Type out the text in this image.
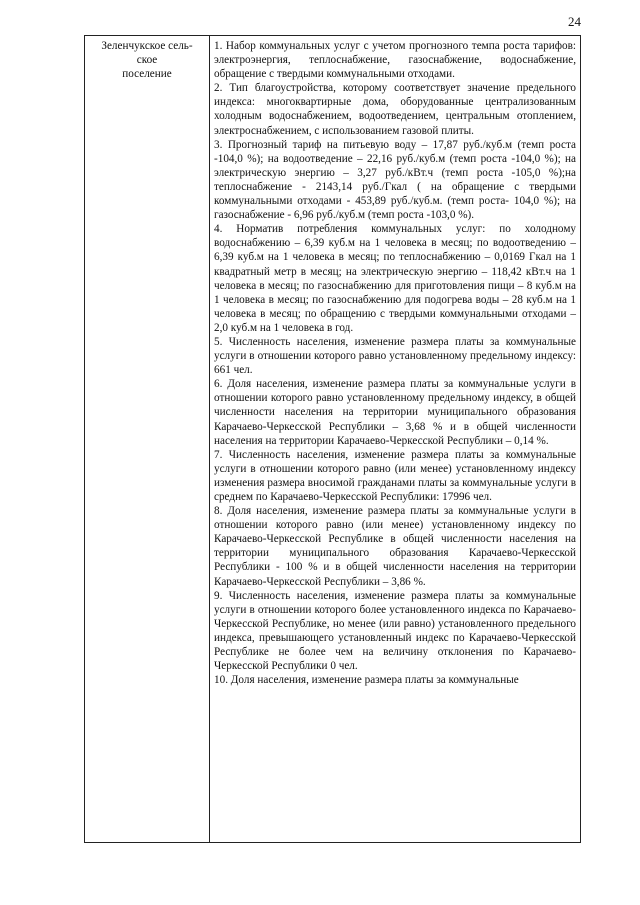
24
Зеленчукское сель-
ское
поселение

1. Набор коммунальных услуг с учетом прогнозного темпа роста тарифов: электроэнергия, теплоснабжение, газоснабжение, водоснабжение, обращение с твердыми коммунальными отходами.

2. Тип благоустройства, которому соответствует значение предельного индекса: многоквартирные дома, оборудованные централизованным холодным водоснабжением, водоотведением, центральным отоплением, электроснабжением, с использованием газовой плиты.

3. Прогнозный тариф на питьевую воду – 17,87 руб./куб.м (темп роста -104,0 %); на водоотведение – 22,16 руб./куб.м (темп роста -104,0 %); на электрическую энергию – 3,27 руб./кВт.ч (темп роста -105,0 %);на теплоснабжение - 2143,14 руб./Гкал ( на обращение с твердыми коммунальными отходами - 453,89 руб./куб.м. (темп роста- 104,0 %); на газоснабжение - 6,96 руб./куб.м (темп роста -103,0 %).

4. Норматив потребления коммунальных услуг: по холодному водоснабжению – 6,39 куб.м на 1 человека в месяц; по водоотведению – 6,39 куб.м на 1 человека в месяц; по теплоснабжению – 0,0169 Гкал на 1 квадратный метр в месяц; на электрическую энергию – 118,42 кВт.ч на 1 человека в месяц; по газоснабжению для приготовления пищи – 8 куб.м на 1 человека в месяц; по газоснабжению для подогрева воды – 28 куб.м на 1 человека в месяц; по обращению с твердыми коммунальными отходами – 2,0 куб.м на 1 человека в год.

5. Численность населения, изменение размера платы за коммунальные услуги в отношении которого равно установленному предельному индексу: 661 чел.

6. Доля населения, изменение размера платы за коммунальные услуги в отношении которого равно установленному предельному индексу, в общей численности населения на территории муниципального образования Карачаево-Черкесской Республики – 3,68 % и в общей численности населения на территории Карачаево-Черкесской Республики – 0,14 %.

7. Численность населения, изменение размера платы за коммунальные услуги в отношении которого равно (или менее) установленному индексу изменения размера вносимой гражданами платы за коммунальные услуги в среднем по Карачаево-Черкесской Республики: 17996 чел.

8. Доля населения, изменение размера платы за коммунальные услуги в отношении которого равно (или менее) установленному индексу по Карачаево-Черкесской Республике в общей численности населения на территории муниципального образования Карачаево-Черкесской Республики - 100 % и в общей численности населения на территории Карачаево-Черкесской Республики – 3,86 %.

9. Численность населения, изменение размера платы за коммунальные услуги в отношении которого более установленного индекса по Карачаево-Черкесской Республике, но менее (или равно) установленного предельного индекса, превышающего установленный индекс по Карачаево-Черкесской Республике не более чем на величину отклонения по Карачаево-Черкесской Республики 0 чел.

10. Доля населения, изменение размера платы за коммунальные
